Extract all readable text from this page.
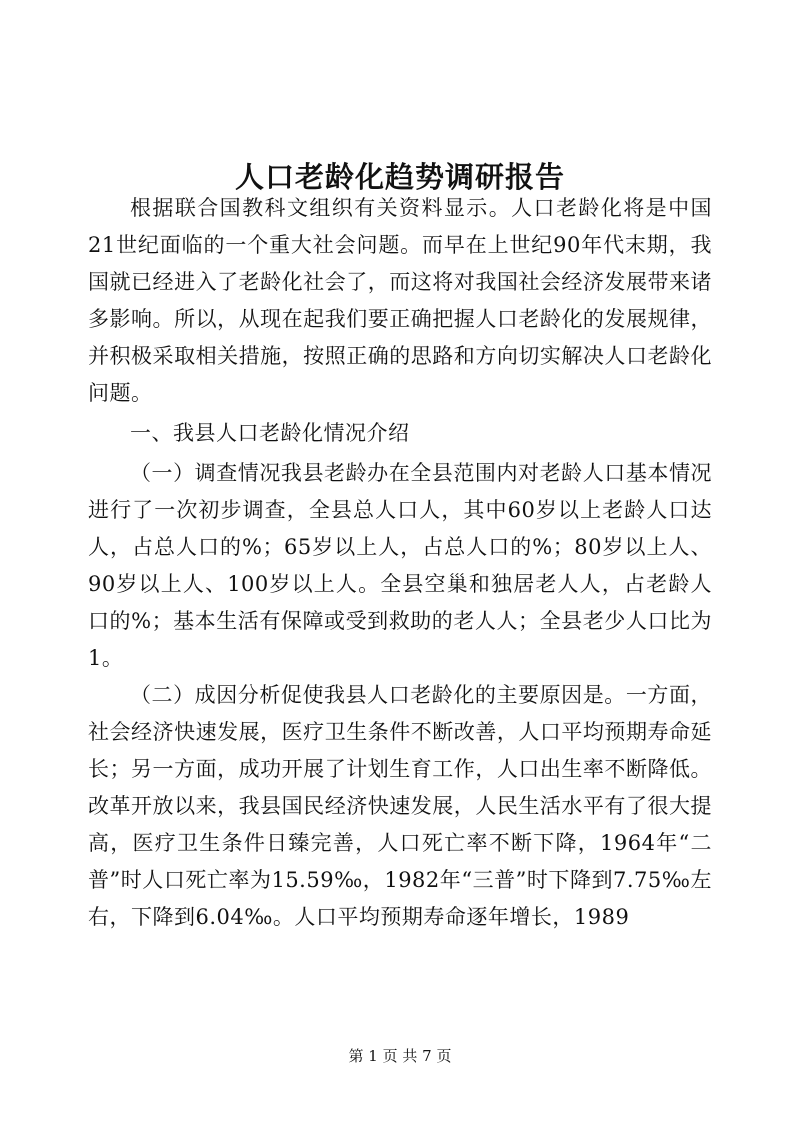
人口老龄化趋势调研报告

根据联合国教科文组织有关资料显示。人口老龄化将是中国21世纪面临的一个重大社会问题。而早在上世纪90年代末期，我国就已经进入了老龄化社会了，而这将对我国社会经济发展带来诸多影响。所以，从现在起我们要正确把握人口老龄化的发展规律，并积极采取相关措施，按照正确的思路和方向切实解决人口老龄化问题。

一、我县人口老龄化情况介绍

（一）调查情况我县老龄办在全县范围内对老龄人口基本情况进行了一次初步调查，全县总人口人，其中60岁以上老龄人口达人，占总人口的%；65岁以上人，占总人口的%；80岁以上人、90岁以上人、100岁以上人。全县空巢和独居老人人，占老龄人口的%；基本生活有保障或受到救助的老人人；全县老少人口比为1。

（二）成因分析促使我县人口老龄化的主要原因是。一方面，社会经济快速发展，医疗卫生条件不断改善，人口平均预期寿命延长；另一方面，成功开展了计划生育工作，人口出生率不断降低。改革开放以来，我县国民经济快速发展，人民生活水平有了很大提高，医疗卫生条件日臻完善，人口死亡率不断下降，1964年“二普”时人口死亡率为15.59‰，1982年“三普”时下降到7.75‰左右，下降到6.04‰。人口平均预期寿命逐年增长，1989

第 1 页 共 7 页
